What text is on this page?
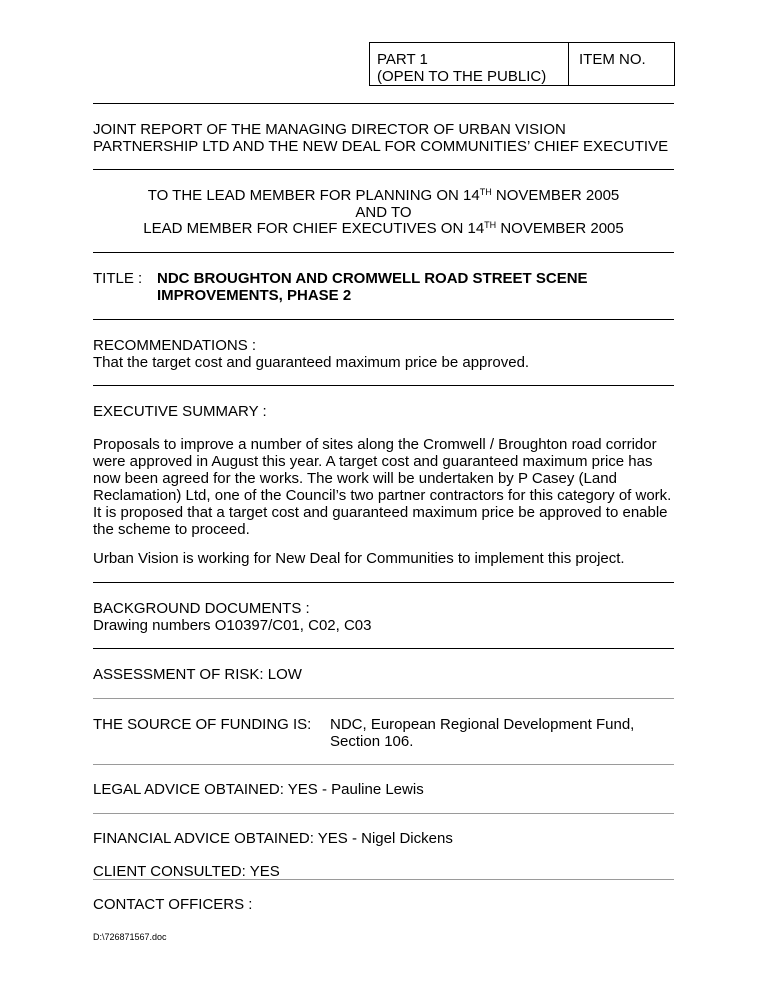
PART 1
(OPEN TO THE PUBLIC)
ITEM NO.
JOINT REPORT OF THE MANAGING DIRECTOR OF URBAN VISION
PARTNERSHIP LTD AND THE NEW DEAL FOR COMMUNITIES’ CHIEF EXECUTIVE
TO THE LEAD MEMBER FOR PLANNING ON 14TH NOVEMBER 2005
AND TO
LEAD MEMBER FOR CHIEF EXECUTIVES ON 14TH NOVEMBER 2005
TITLE : NDC BROUGHTON AND CROMWELL ROAD STREET SCENE
IMPROVEMENTS, PHASE 2
RECOMMENDATIONS :
That the target cost and guaranteed maximum price be approved.
EXECUTIVE SUMMARY :
Proposals to improve a number of sites along the Cromwell / Broughton road corridor
were approved in August this year. A target cost and guaranteed maximum price has
now been agreed for the works. The work will be undertaken by P Casey (Land
Reclamation) Ltd, one of the Council’s two partner contractors for this category of work.
It is proposed that a target cost and guaranteed maximum price be approved to enable
the scheme to proceed.
Urban Vision is working for New Deal for Communities to implement this project.
BACKGROUND DOCUMENTS :
Drawing numbers O10397/C01, C02, C03
ASSESSMENT OF RISK: LOW
THE SOURCE OF FUNDING IS: NDC, European Regional Development Fund,
Section 106.
LEGAL ADVICE OBTAINED: YES - Pauline Lewis
FINANCIAL ADVICE OBTAINED: YES - Nigel Dickens
CLIENT CONSULTED: YES
CONTACT OFFICERS :
D:\726871567.doc
